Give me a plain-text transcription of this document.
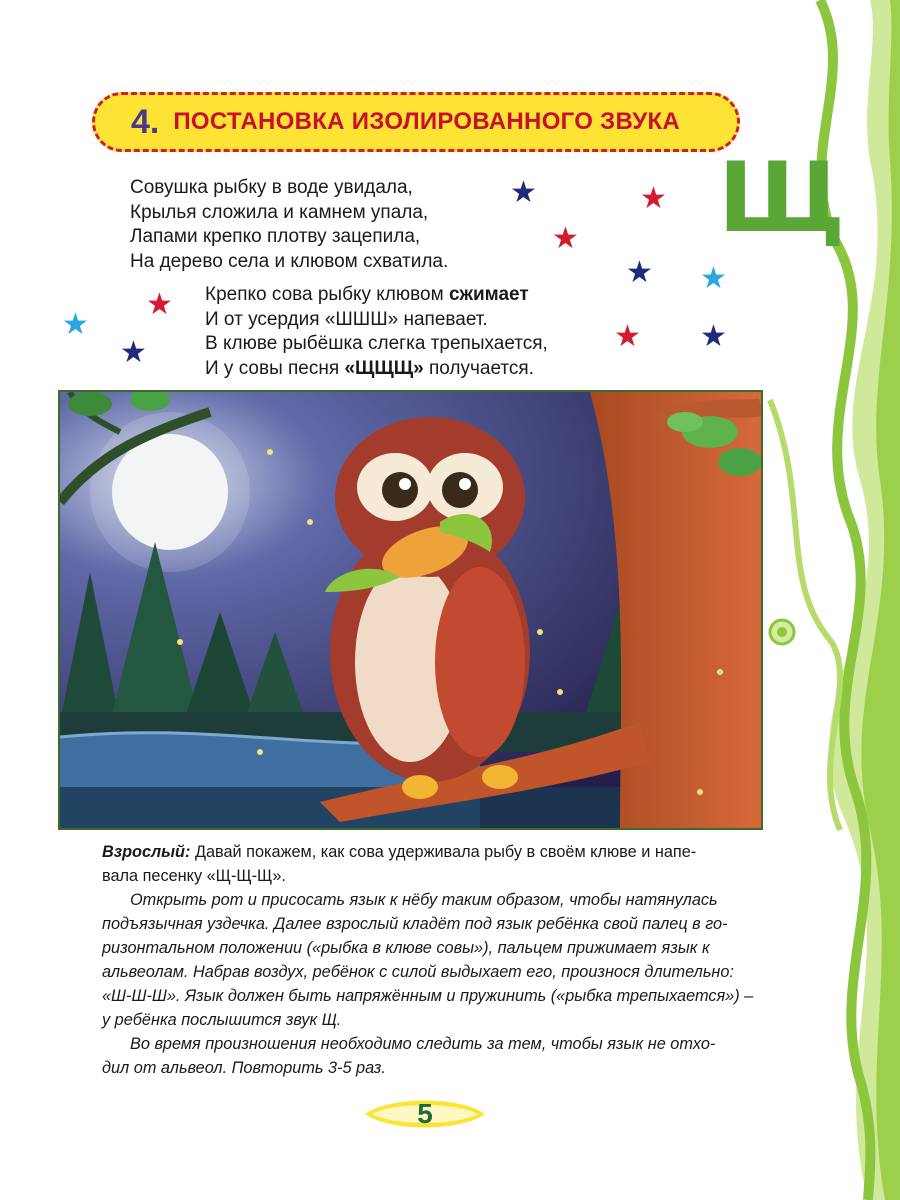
4. ПОСТАНОВКА ИЗОЛИРОВАННОГО ЗВУКА
Щ

Совушка рыбку в воде увидала,

Крылья сложила и камнем упала,

Лапами крепко плотву зацепила,

На дерево села и клювом схватила.

Крепко сова рыбку клювом сжимает

И от усердия «ШШШ» напевает.

В клюве рыбёшка слегка трепыхается,

И у совы песня «ЩЩЩ» получается.

★	★
★
★ ★
★ ★
★
★
★

Взрослый: Давай покажем, как сова удерживала рыбу в своём клюве и напе-
вала песенку «Щ-Щ-Щ».

Открыть рот и присосать язык к нёбу таким образом, чтобы натянулась
подъязычная уздечка. Далее взрослый кладёт под язык ребёнка свой палец в го-
ризонтальном положении («рыбка в клюве совы»), пальцем прижимает язык к
альвеолам. Набрав воздух, ребёнок с силой выдыхает его, произнося длительно:
«Ш-Ш-Ш». Язык должен быть напряжённым и пружинить («рыбка трепыхается») –
у ребёнка послышится звук Щ.

Во время произношения необходимо следить за тем, чтобы язык не отхо-
дил от альвеол. Повторить 3-5 раз.

5
